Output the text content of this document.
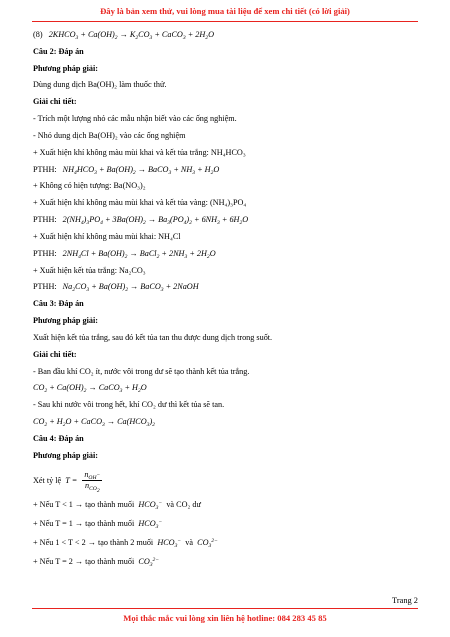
Đây là bản xem thử, vui lòng mua tài liệu để xem chi tiết (có lời giải)
(8) $2KHCO_3 + Ca(OH)_2 \to K_2CO_3$ + CaCO$_3$ + $2H_2O$
Câu 2: Đáp án
Phương pháp giải:
Dùng dung dịch Ba(OH)₂ làm thuốc thử.
Giải chi tiết:
- Trích một lượng nhỏ các mẫu nhận biết vào các ống nghiệm.
- Nhỏ dung dịch Ba(OH)₂ vào các ống nghiệm
+ Xuất hiện khí không màu mùi khai và kết tủa trắng: NH₄HCO₃
PTHH: $NH_4HCO_3 + Ba(OH)_2$ → BaCO$_3$ + $NH_3 + H_2O$
+ Không có hiện tượng: Ba(NO₃)₂
+ Xuất hiện khí không màu mùi khai và kết tủa vàng: (NH₄)₃PO₄
PTHH: $2(NH_4)_3PO_4 + 3Ba(OH)_2 \to Ba_3(PO_4)_2 + 6NH_3 + 6H_2O$
+ Xuất hiện khí không màu mùi khai: NH₄Cl
PTHH: $2NH_4Cl + Ba(OH)_2$ → BaCl$_2$ + $2NH_3 + 2H_2O$
+ Xuất hiện kết tủa trắng: Na₂CO₃
PTHH: $Na_2CO_3 + Ba(OH)_2$ → BaCO$_3$ + 2NaOH
Câu 3: Đáp án
Phương pháp giải:
Xuất hiện kết tủa trắng, sau đó kết tủa tan thu được dung dịch trong suốt.
Giải chi tiết:
- Ban đầu khí CO₂ ít, nước vôi trong dư sẽ tạo thành kết tủa trắng.
$CO_2 + Ca(OH)_2$ → CaCO$_3$ + $H_2O$
- Sau khi nước vôi trong hết, khí CO₂ dư thì kết tủa sẽ tan.
$CO_2 + H_2O$ + CaCO$_3$ → $Ca(HCO_3)_2$
Câu 4: Đáp án
Phương pháp giải:
Xét tỷ lệ  $T = \frac{n_{OH^-}}{n_{CO_2}}$
+ Nếu T < 1 → tạo thành muối $HCO_3^-$ và CO₂ dư
+ Nếu T = 1 → tạo thành muối $HCO_3^-$
+ Nếu 1 < T < 2 → tạo thành 2 muối $HCO_3^-$ và $CO_3^{2-}$
+ Nếu T = 2 → tạo thành muối $CO_3^{2-}$
Trang 2
Mọi thắc mắc vui lòng xin liên hệ hotline: 084 283 45 85
